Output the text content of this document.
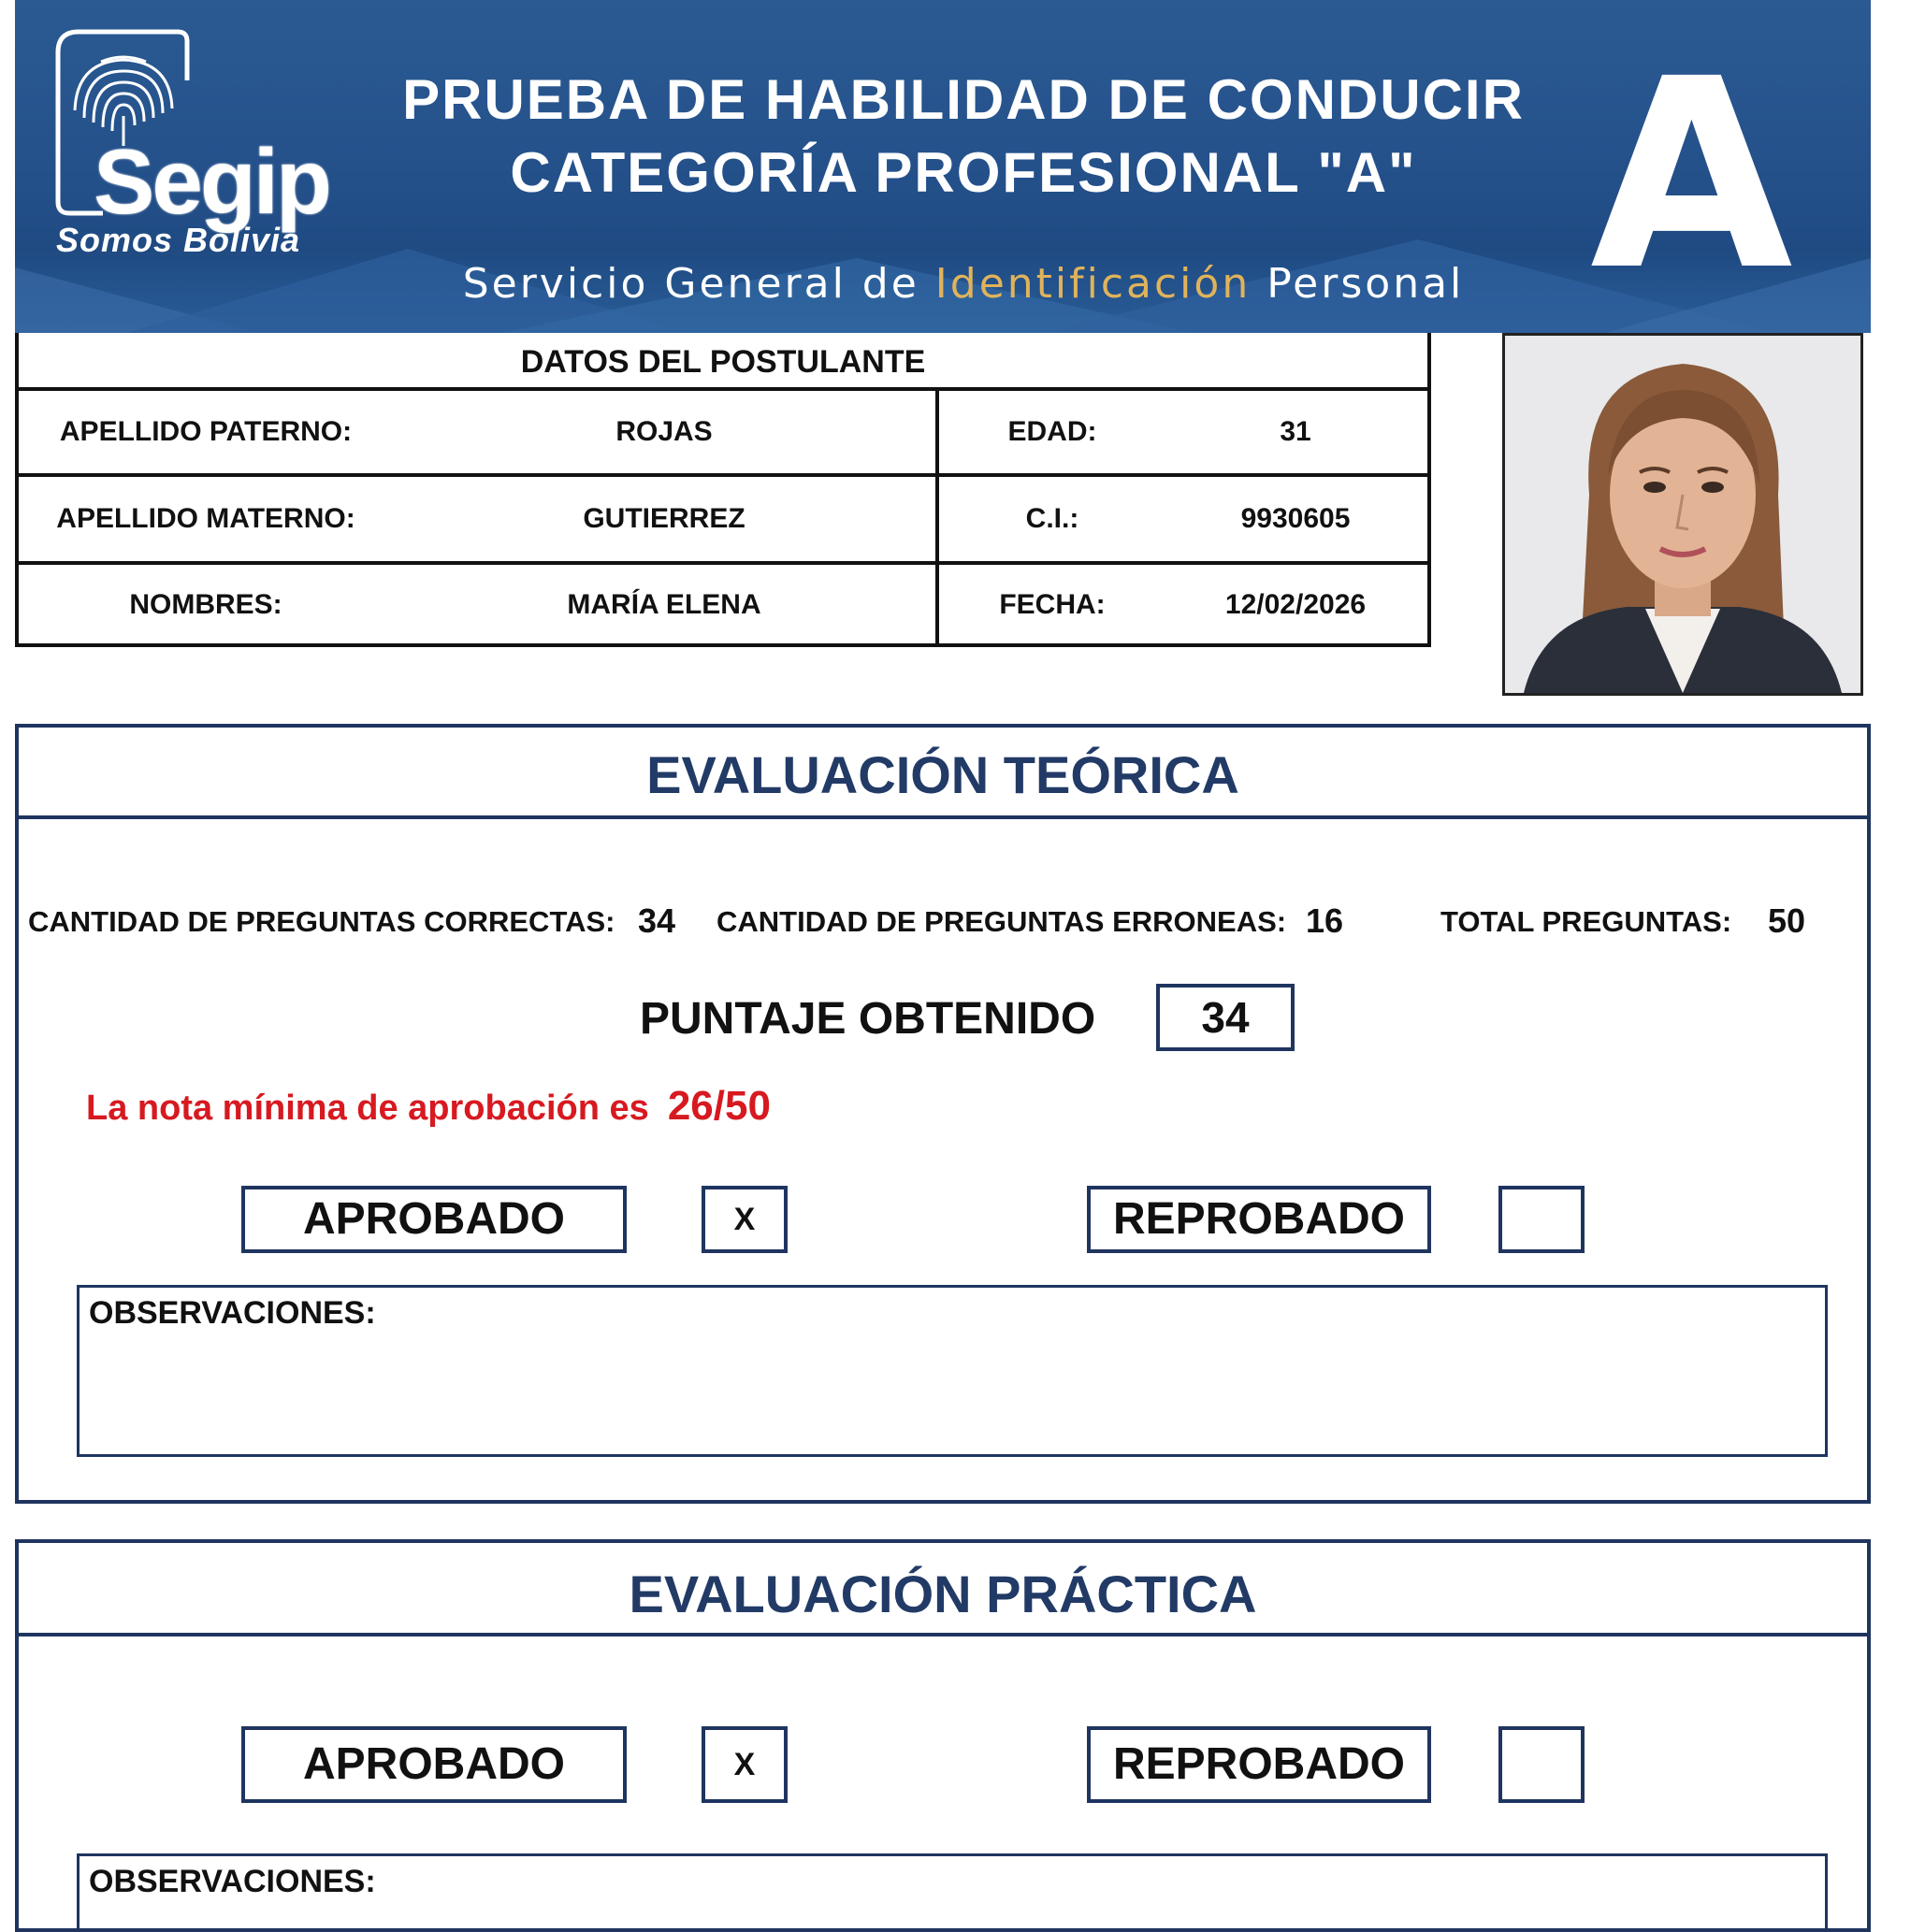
Segip
Somos Bolivia
PRUEBA DE HABILIDAD DE CONDUCIR
CATEGORÍA PROFESIONAL "A" A
Servicio General de Identificación Personal
DATOS DEL POSTULANTE
APELLIDO PATERNO:	ROJAS	EDAD:	31
APELLIDO MATERNO:	GUTIERREZ	C.I.:	9930605
NOMBRES:	MARÍA ELENA	FECHA:	12/02/2026
EVALUACIÓN TEÓRICA
CANTIDAD DE PREGUNTAS CORRECTAS: 34 CANTIDAD DE PREGUNTAS ERRONEAS: 16	TOTAL PREGUNTAS: 50
PUNTAJE OBTENIDO	34
La nota mínima de aprobación es 26/50
APROBADO	X	REPROBADO
OBSERVACIONES:
EVALUACIÓN PRÁCTICA
APROBADO	X	REPROBADO
OBSERVACIONES:
